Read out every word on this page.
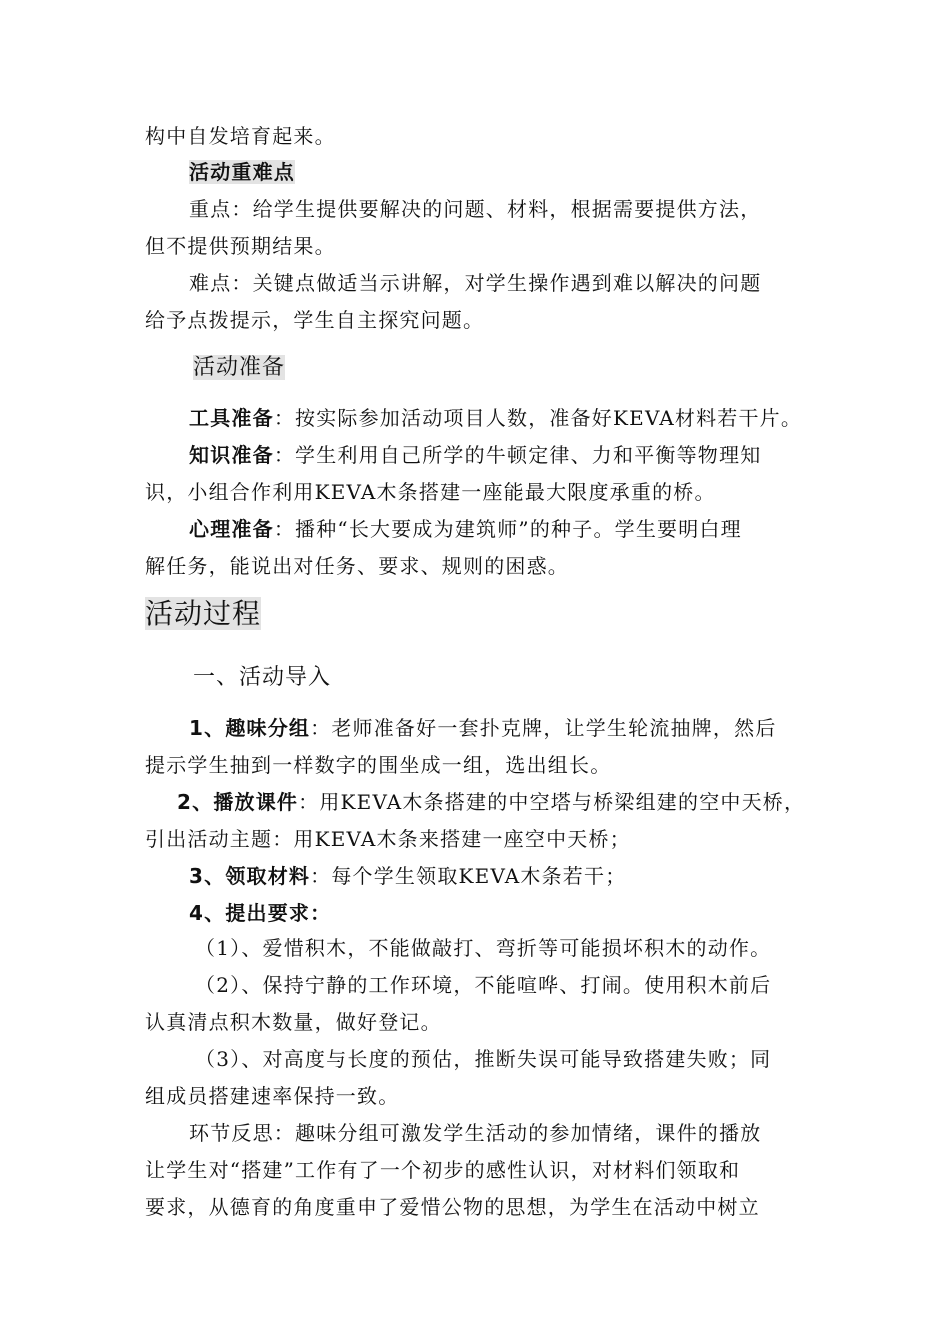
构中自发培育起来。
活动重难点
重点：给学生提供要解决的问题、材料，根据需要提供方法，
但不提供预期结果。
难点：关键点做适当示讲解，对学生操作遇到难以解决的问题
给予点拨提示，学生自主探究问题。
活动准备
工具准备：按实际参加活动项目人数，准备好KEVA材料若干片。
知识准备：学生利用自己所学的牛顿定律、力和平衡等物理知
识，小组合作利用KEVA木条搭建一座能最大限度承重的桥。
心理准备：播种“长大要成为建筑师”的种子。学生要明白理
解任务，能说出对任务、要求、规则的困惑。
活动过程
一、活动导入
1、趣味分组：老师准备好一套扑克牌，让学生轮流抽牌，然后
提示学生抽到一样数字的围坐成一组，选出组长。
2、播放课件：用KEVA木条搭建的中空塔与桥梁组建的空中天桥，
引出活动主题：用KEVA木条来搭建一座空中天桥；
3、领取材料：每个学生领取KEVA木条若干；
4、提出要求：
（1）、爱惜积木，不能做敲打、弯折等可能损坏积木的动作。
（2）、保持宁静的工作环境，不能喧哗、打闹。使用积木前后
认真清点积木数量，做好登记。
（3）、对高度与长度的预估，推断失误可能导致搭建失败；同
组成员搭建速率保持一致。
环节反思：趣味分组可激发学生活动的参加情绪，课件的播放
让学生对“搭建”工作有了一个初步的感性认识，对材料们领取和
要求，从德育的角度重申了爱惜公物的思想，为学生在活动中树立
